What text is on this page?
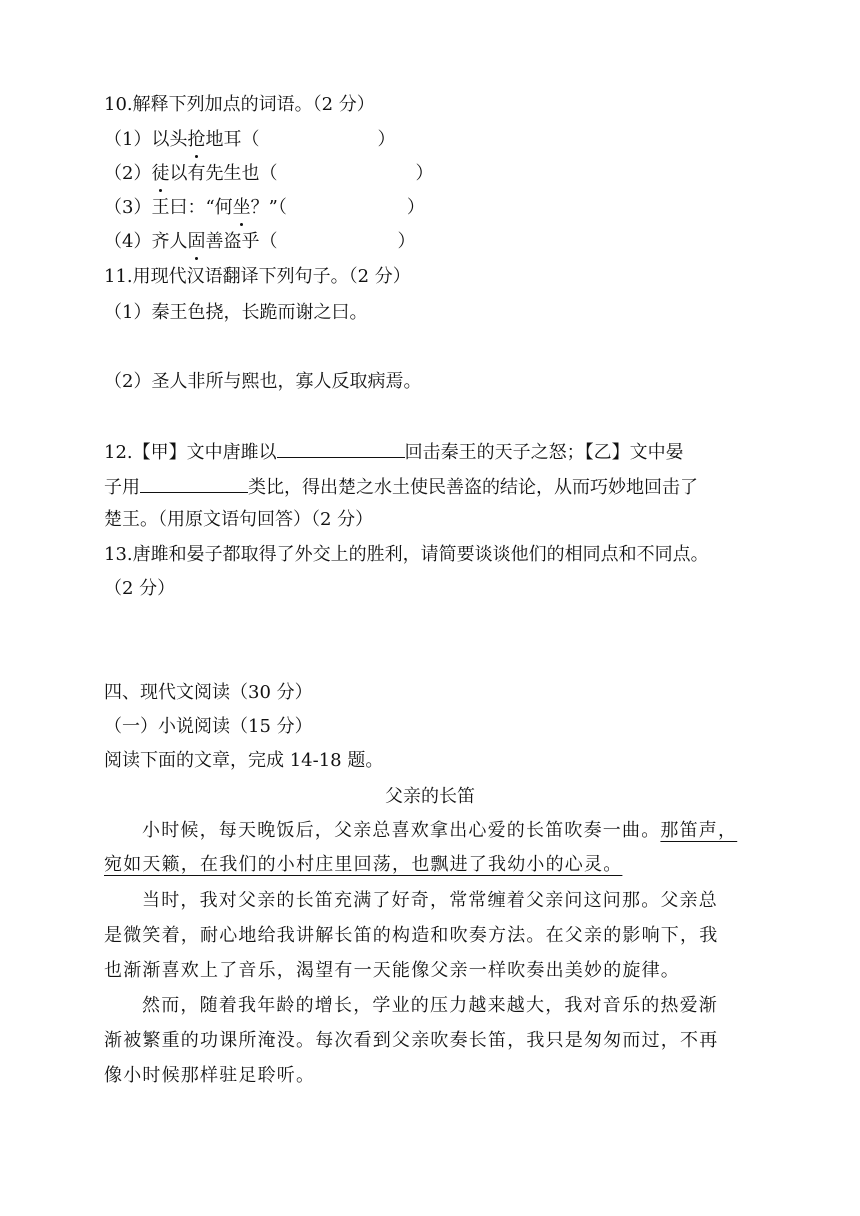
10.解释下列加点的词语。（2 分）
（1）以头抢地耳（	）
（2）徒以有先生也（	）
（3）王曰：“何坐？”（	）
（4）齐人固善盗乎（	）
11.用现代汉语翻译下列句子。（2 分）
（1）秦王色挠，长跪而谢之曰。
（2）圣人非所与熙也，寡人反取病焉。
12.【甲】文中唐雎以	回击秦王的天子之怒；【乙】文中晏
子用	类比，得出楚之水土使民善盗的结论，从而巧妙地回击了
楚王。（用原文语句回答）（2 分）
13.唐雎和晏子都取得了外交上的胜利，请简要谈谈他们的相同点和不同点。
（2 分）
四、现代文阅读（30 分）
（一）小说阅读（15 分）
阅读下面的文章，完成 14-18 题。
父亲的长笛
小时候，每天晚饭后，父亲总喜欢拿出心爱的长笛吹奏一曲。那笛声，
宛如天籁，在我们的小村庄里回荡，也飘进了我幼小的心灵。
当时，我对父亲的长笛充满了好奇，常常缠着父亲问这问那。父亲总
是微笑着，耐心地给我讲解长笛的构造和吹奏方法。在父亲的影响下，我
也渐渐喜欢上了音乐，渴望有一天能像父亲一样吹奏出美妙的旋律。
然而，随着我年龄的增长，学业的压力越来越大，我对音乐的热爱渐
渐被繁重的功课所淹没。每次看到父亲吹奏长笛，我只是匆匆而过，不再
像小时候那样驻足聆听。
